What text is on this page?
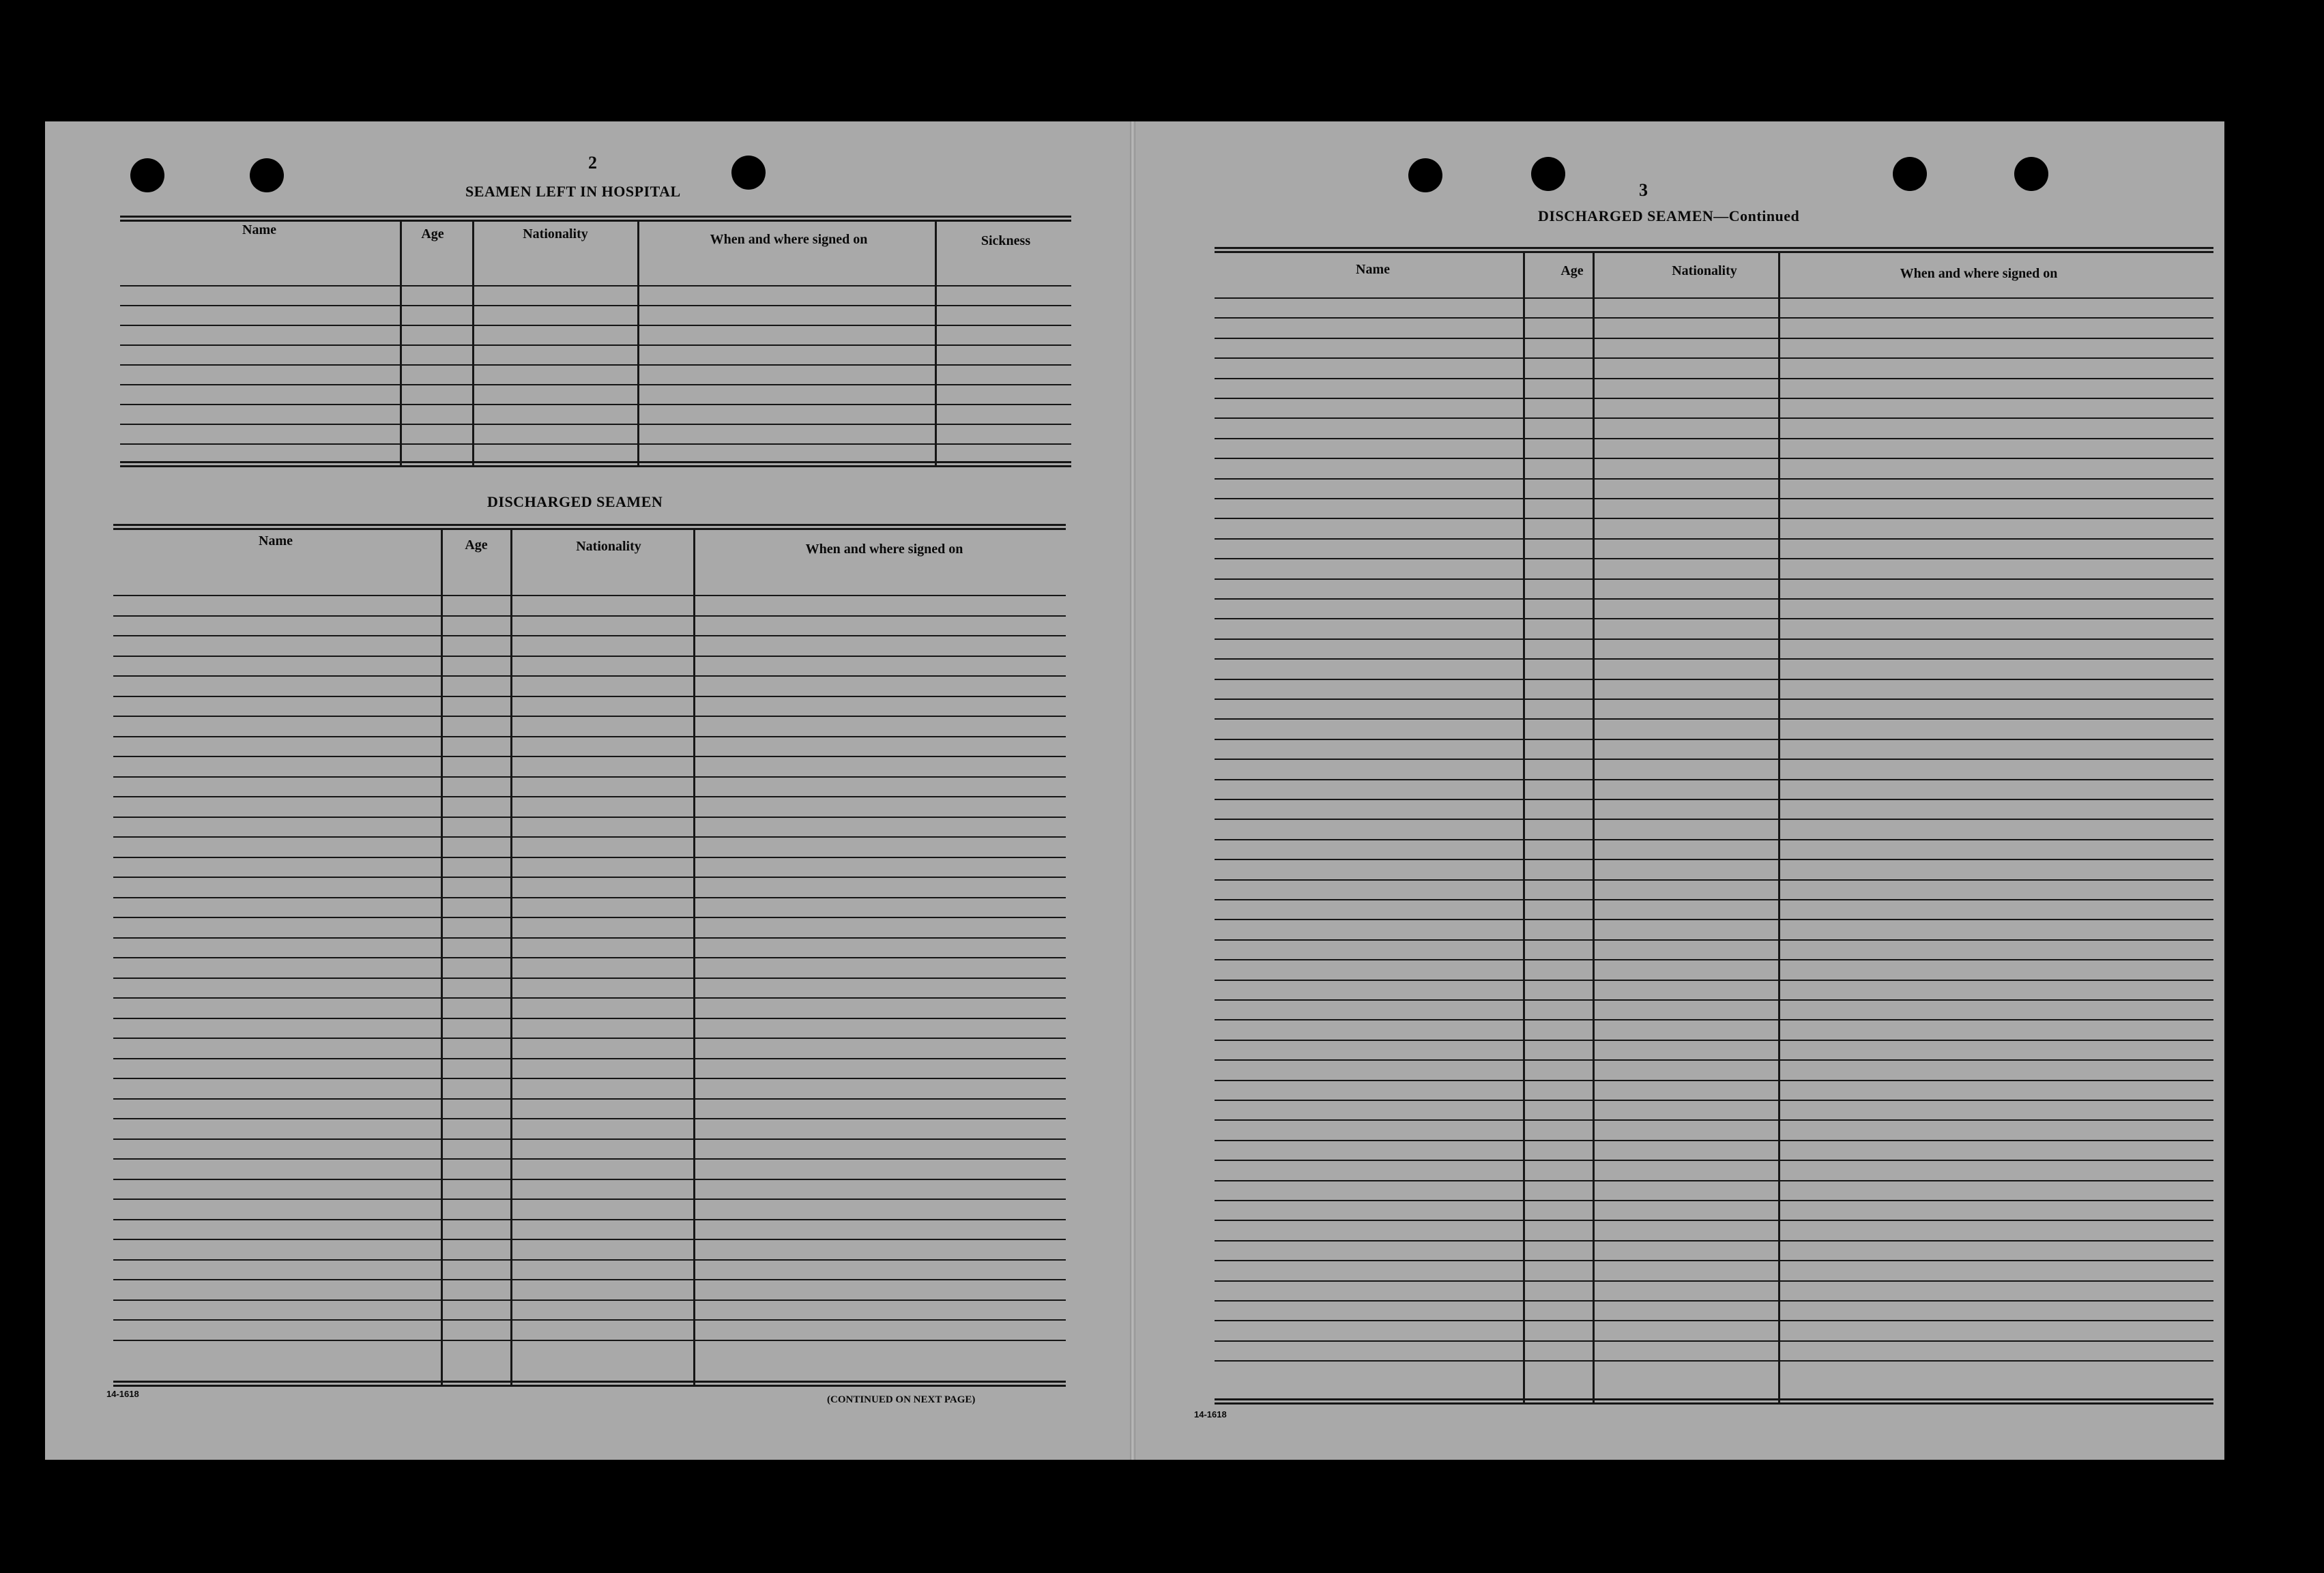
2
SEAMEN LEFT IN HOSPITAL
Name	Age	Nationality	When and where signed on	Sickness
DISCHARGED SEAMEN
Name	Age	Nationality	When and where signed on
14-1618
(CONTINUED ON NEXT PAGE)
3
DISCHARGED SEAMEN—Continued
Name	Age	Nationality	When and where signed on
14-1618
